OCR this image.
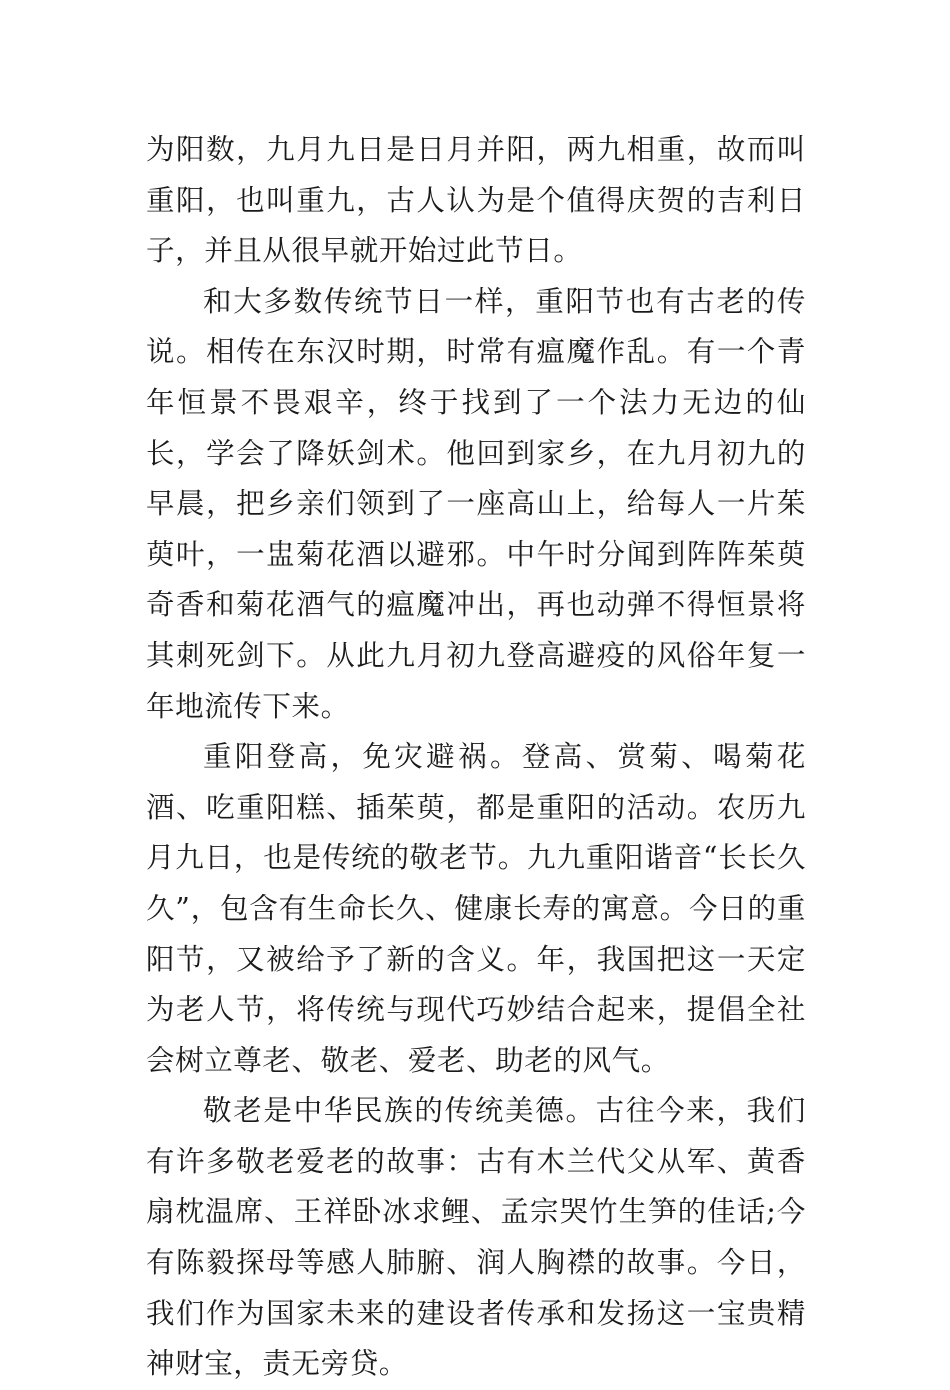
为阳数，九月九日是日月并阳，两九相重，故而叫重阳，也叫重九，古人认为是个值得庆贺的吉利日子，并且从很早就开始过此节日。

和大多数传统节日一样，重阳节也有古老的传说。相传在东汉时期，时常有瘟魔作乱。有一个青年恒景不畏艰辛，终于找到了一个法力无边的仙长，学会了降妖剑术。他回到家乡，在九月初九的早晨，把乡亲们领到了一座高山上，给每人一片茱萸叶，一盅菊花酒以避邪。中午时分闻到阵阵茱萸奇香和菊花酒气的瘟魔冲出，再也动弹不得恒景将其刺死剑下。从此九月初九登高避疫的风俗年复一年地流传下来。

重阳登高，免灾避祸。登高、赏菊、喝菊花酒、吃重阳糕、插茱萸，都是重阳的活动。农历九月九日，也是传统的敬老节。九九重阳谐音“长长久久”，包含有生命长久、健康长寿的寓意。今日的重阳节，又被给予了新的含义。年，我国把这一天定为老人节，将传统与现代巧妙结合起来，提倡全社会树立尊老、敬老、爱老、助老的风气。

敬老是中华民族的传统美德。古往今来，我们有许多敬老爱老的故事：古有木兰代父从军、黄香扇枕温席、王祥卧冰求鲤、孟宗哭竹生笋的佳话;今有陈毅探母等感人肺腑、润人胸襟的故事。今日，我们作为国家未来的建设者传承和发扬这一宝贵精神财宝，责无旁贷。
